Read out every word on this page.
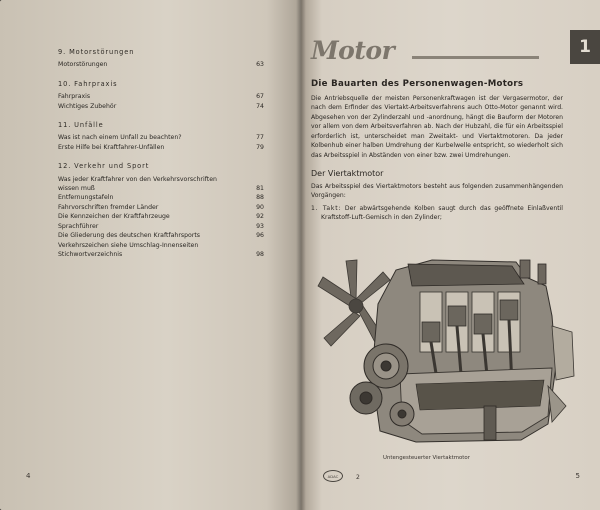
9. Motorstörungen
Motorstörungen	63
10. Fahrpraxis
Fahrpraxis	67
Wichtiges Zubehör	74
11. Unfälle
Was ist nach einem Unfall zu beachten?	77
Erste Hilfe bei Kraftfahrer-Unfällen	79
12. Verkehr und Sport
Was jeder Kraftfahrer von den Verkehrsvorschriften
wissen muß	81
Entfernungstafeln	88
Fahrvorschriften fremder Länder	90
Die Kennzeichen der Kraftfahrzeuge	92
Sprachführer	93
Die Gliederung des deutschen Kraftfahrsports	96
Verkehrszeichen siehe Umschlag-Innenseiten
Stichwortverzeichnis	98
4	5
Motor	1
Die Bauarten des Personenwagen-Motors

Die Antriebsquelle der meisten Personenkraftwagen ist der Vergasermotor, der nach dem Erfinder des Viertakt-Arbeitsverfahrens auch Otto-Motor genannt wird. Abgesehen von der Zylinderzahl und -anordnung, hängt die Bauform der Motoren vor allem von dem Arbeitsverfahren ab. Nach der Hubzahl, die für ein Arbeitsspiel erforderlich ist, unterscheidet man Zweitakt- und Viertaktmotoren. Da jeder Kolbenhub einer halben Umdrehung der Kurbelwelle entspricht, so wiederholt sich das Arbeitsspiel in Abständen von einer bzw. zwei Umdrehungen.

Der Viertaktmotor

Das Arbeitsspiel des Viertaktmotors besteht aus folgenden zusammenhängenden Vorgängen:

1. Takt: Der abwärtsgehende Kolben saugt durch das geöffnete Einlaßventil Kraftstoff-Luft-Gemisch in den Zylinder;

Untengesteuerter Viertaktmotor
ADAC	2
